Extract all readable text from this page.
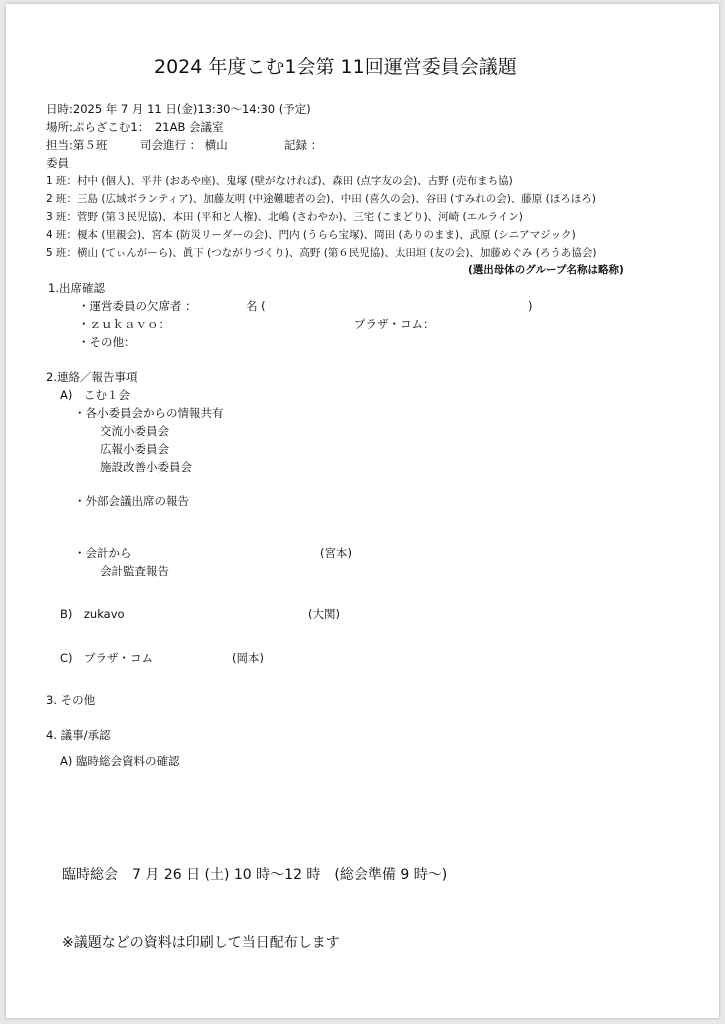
2024 年度こむ1会第 11回運営委員会議題
日時:2025 年 7 月 11 日(金)13:30～14:30 (予定)
場所:ぷらざこむ1：　21AB 会議室
担当:第５班	司会進行 ： 横山	記録 ：
委員
1 班：村中 (個人)、平井 (おあや座)、鬼塚 (壁がなければ)、森田 (点字友の会)、古野 (売布まち協)
2 班：三島 (広域ボランティア)、加藤友明 (中途難聴者の会)、中田 (喜久の会)、谷田 (すみれの会)、藤原 (ほろほろ)
3 班：菅野 (第３民児協)、本田 (平和と人権)、北嶋 (さわやか)、三宅 (こまどり)、河崎 (エルライン)
4 班：榎本 (里親会)、宮本 (防災リーダーの会)、門内 (うらら宝塚)、岡田 (ありのまま)、武原 (シニアマジック)
5 班：横山 (てぃんがーら)、眞下 (つながりづくり)、高野 (第６民児協)、太田垣 (友の会)、加藤めぐみ (ろうあ協会)
(選出母体のグループ名称は略称)
1.出席確認
・運営委員の欠席者 ：	名 (	)
・ｚｕｋａｖｏ：	プラザ・コム：
・その他：
2.連絡／報告事項
A)　こむ１会
・各小委員会からの情報共有
交流小委員会
広報小委員会
施設改善小委員会
・外部会議出席の報告
・会計から	(宮本)
会計監査報告
B)　zukavo	(大関)
C)　プラザ・コム	(岡本)
3. その他
4. 議事/承認
A) 臨時総会資料の確認
臨時総会　7 月 26 日 (土) 10 時～12 時　(総会準備 9 時～)
※議題などの資料は印刷して当日配布します
